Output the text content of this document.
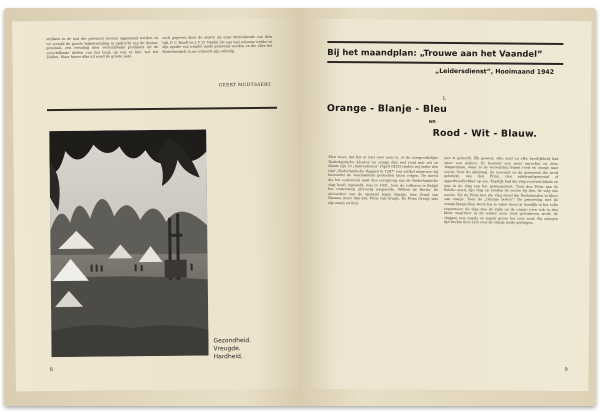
strikken in de taal der provincie nevens opgenomd worden en ter wereld de groote bijbelvertaling in opdracht van de Staten-generaal, een vertaling door verschillende predikers uit de verschillende deelen van het land; op wat er bier wel het Zuiden. Maar hoeve olke uit werd de groote zoon
ruch gegeven door de stoere uit onze betreekende van dien tijd, P. C. Hooft en J. V. D. Vondel die aan taal schoone wekke en zijn sprake van wondel mede gemeend worden en die alles het Nederlandsch in uw schreeft zijn volledig.
GEERT MUDTSAERT.
Gezondheid.
Vreugde.
Hardheid.
8
Bij het maandplan: „Trouwe aan het Vaandel”
„Leidersdienst”, Hooimaand 1942
I.
Orange - Blanje - Bleu
en
Rood - Wit - Blauw.
Men weet, dat het er niet over eens is, of de oorspronkelijke Nederlandsche kleuren nu oranje dan wel rood met wit en blauw zijn. In „Annotationes” (April 1932) vinden wij onder den titel „Nederlandsche vlaggen in 1587” een artikel waarover wij hieronder de voornaamste gedeelten laten volgen. De meest die het onderzoek naar den oorsprong van de Nederlandsche vlag heeft ingesteld, was in 1931, toen de volkeren in België het onderwerp uitvoerig naspoorde. Willem de Bertie, de uitvoerder van de opstand tegen Spanje, was Graaf van Nassau, meer dan dat, Prins van Oranje. De Prins Oranje was zijn naam en titel.
gee is geheeld. Elk gewest, elke stad en elke heerlijkheid had weer een andere. Er bestond een weer onrechte en deze vlaggenman, waar in de verwarring kwam rood en oranje naar voren. Voor de admiraal, de zeevaart en de gemeente die werd gebruikt, van den Prins, den admiraal-generaal of opperbevelhebber op zee. Tegelijk had die vlag rood-wit-blauw en was in de vlag van het gemeenebest. Toen den Prins aan de Brielle werd, zijn vlag en vanden de eerste bij den, de volg wie eerste. Tot de Prins met die vlag stond die Nederlanden in kleur van oranje. Toen de „Orange boven”! De prinsevlag met de oranje-blanje-bleu werd des te vaker meer al moeilijk in het volle regenweer; de vlag was de zijde en de oranje toen ook in den kleur waardoor in de winter eens rood geschreven werd, de vlaggen nog zegels en zegels geven het voor rood. Na ontegen tijd hechte men zich over de oranje mede gedragen.
9
